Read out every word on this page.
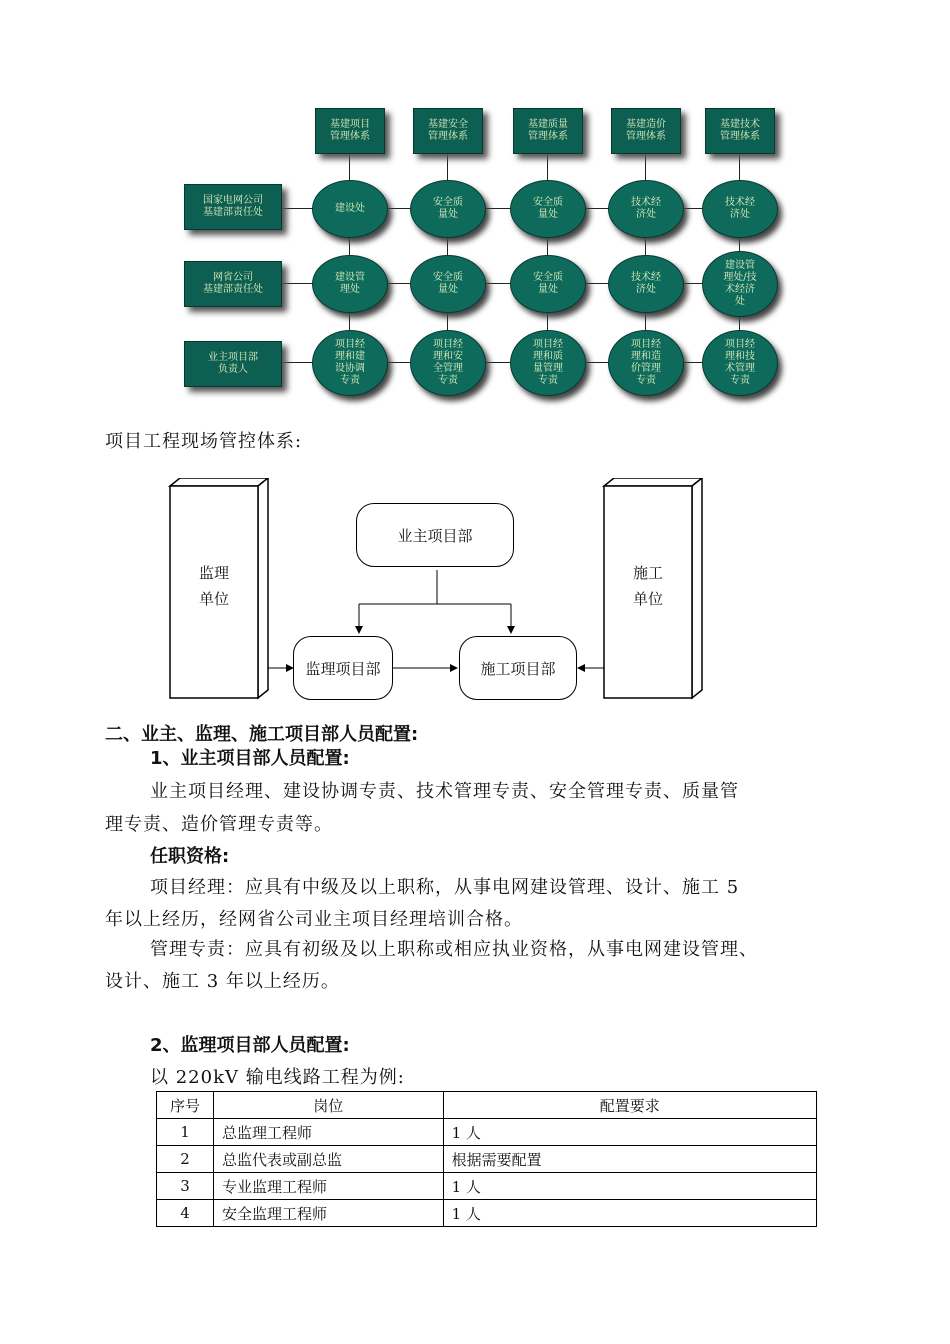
基建项目
管理体系
基建安全
管理体系
基建质量
管理体系
基建造价
管理体系
基建技术
管理体系
国家电网公司
基建部责任处
网省公司
基建部责任处
业主项目部
负责人
建设处
安全质
量处
安全质
量处
技术经
济处
技术经
济处
建设管
理处
安全质
量处
安全质
量处
技术经
济处
建设管
理处/技
术经济
处
项目经
理和建
设协调
专责
项目经
理和安
全管理
专责
项目经
理和质
量管理
专责
项目经
理和造
价管理
专责
项目经
理和技
术管理
专责
项目工程现场管控体系:
监理
单位
施工
单位
业主项目部
监理项目部	施工项目部
二、业主、监理、施工项目部人员配置:
1、业主项目部人员配置:
业主项目经理、建设协调专责、技术管理专责、安全管理专责、质量管
理专责、造价管理专责等。
任职资格:
项目经理：应具有中级及以上职称，从事电网建设管理、设计、施工 5
年以上经历，经网省公司业主项目经理培训合格。
管理专责：应具有初级及以上职称或相应执业资格，从事电网建设管理、
设计、施工 3 年以上经历。
2、监理项目部人员配置:
以 220kV 输电线路工程为例:
序号	岗位	配置要求
1	总监理工程师	1 人
2	总监代表或副总监	根据需要配置
3	专业监理工程师	1 人
4	安全监理工程师	1 人
